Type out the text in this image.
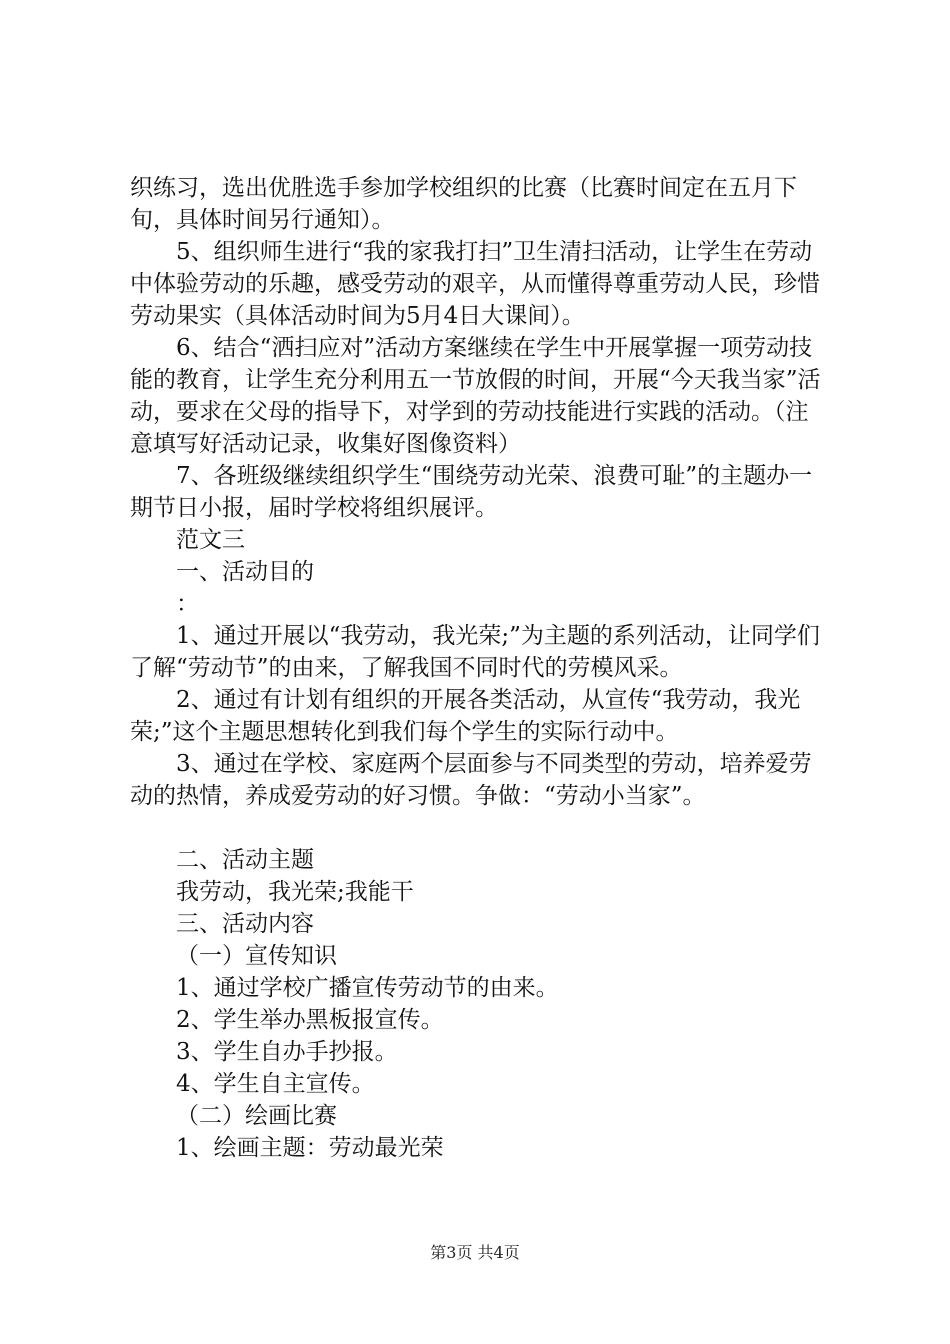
织练习，选出优胜选手参加学校组织的比赛（比赛时间定在五月下旬，具体时间另行通知）。

5、组织师生进行“我的家我打扫”卫生清扫活动，让学生在劳动中体验劳动的乐趣，感受劳动的艰辛，从而懂得尊重劳动人民，珍惜劳动果实（具体活动时间为5月4日大课间）。

6、结合“洒扫应对”活动方案继续在学生中开展掌握一项劳动技能的教育，让学生充分利用五一节放假的时间，开展“今天我当家”活动，要求在父母的指导下，对学到的劳动技能进行实践的活动。（注意填写好活动记录，收集好图像资料）

7、各班级继续组织学生“围绕劳动光荣、浪费可耻”的主题办一期节日小报，届时学校将组织展评。

范文三

一、活动目的

：

1、通过开展以“我劳动，我光荣;”为主题的系列活动，让同学们了解“劳动节”的由来，了解我国不同时代的劳模风采。

2、通过有计划有组织的开展各类活动，从宣传“我劳动，我光荣;”这个主题思想转化到我们每个学生的实际行动中。

3、通过在学校、家庭两个层面参与不同类型的劳动，培养爱劳动的热情，养成爱劳动的好习惯。争做：“劳动小当家”。

二、活动主题

我劳动，我光荣;我能干

三、活动内容

（一）宣传知识

1、通过学校广播宣传劳动节的由来。

2、学生举办黑板报宣传。

3、学生自办手抄报。

4、学生自主宣传。

（二）绘画比赛

1、绘画主题：劳动最光荣

第3页 共4页
